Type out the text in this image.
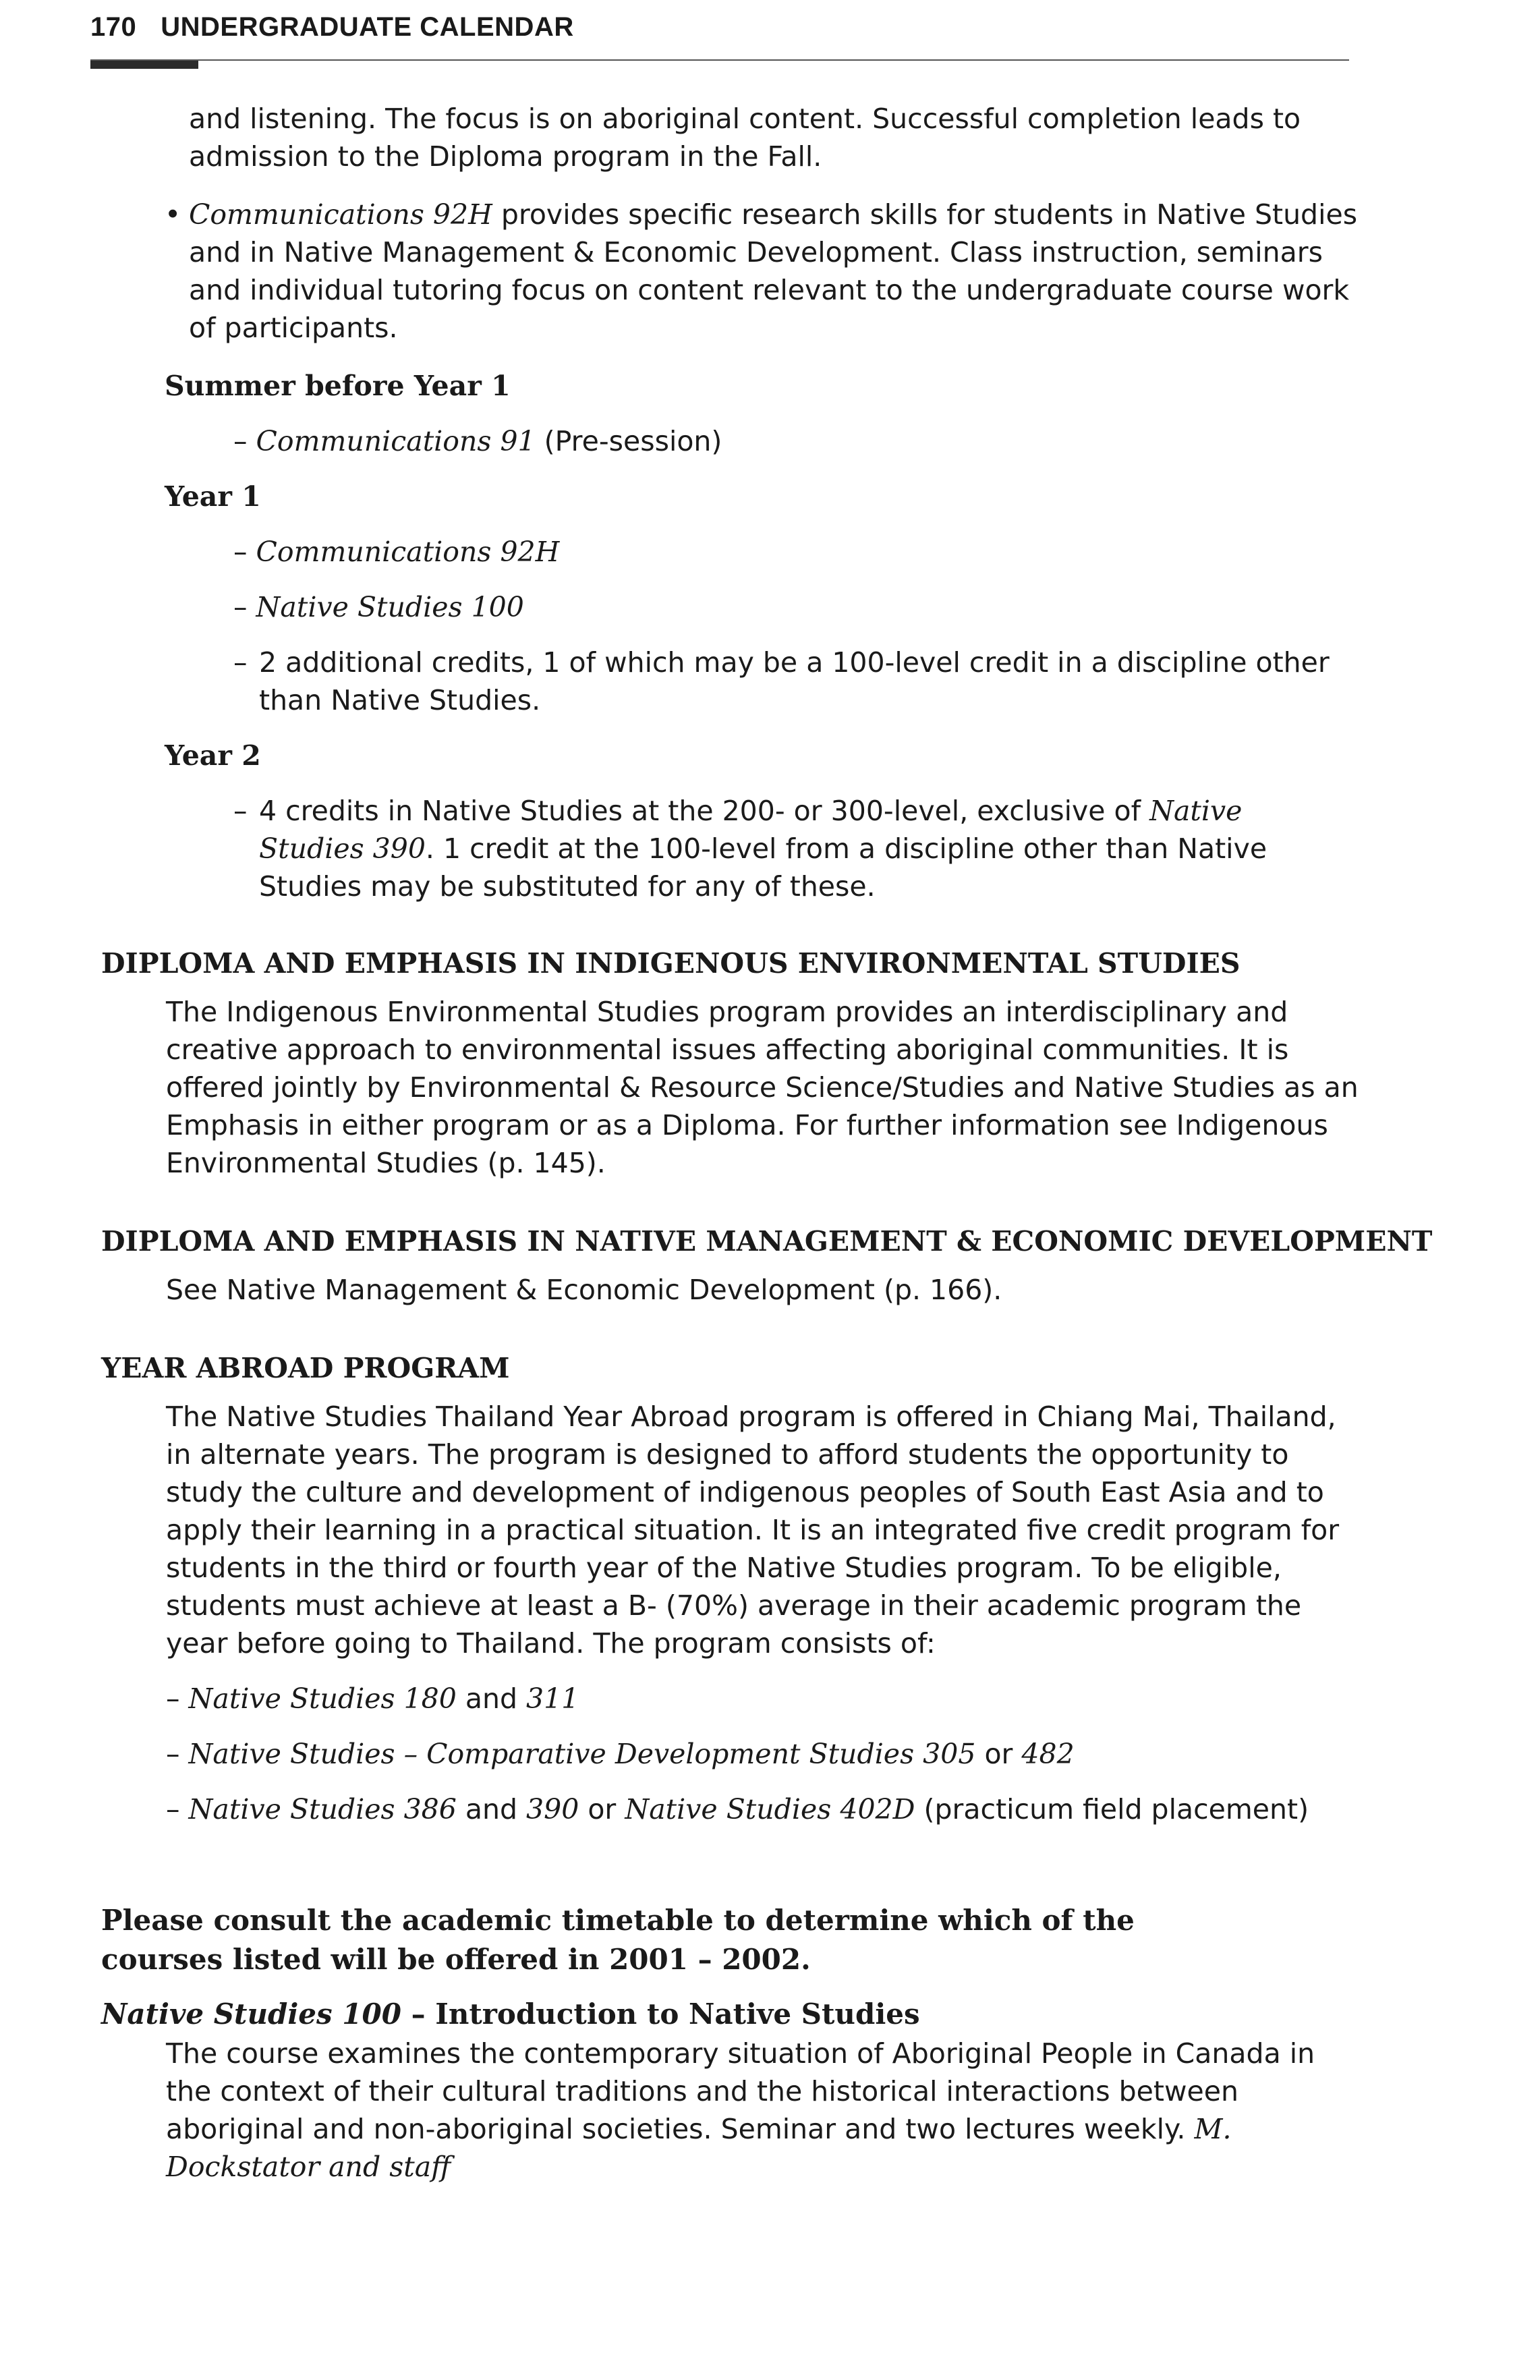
170 UNDERGRADUATE CALENDAR

and listening. The focus is on aboriginal content. Successful completion leads to admission to the Diploma program in the Fall.

• Communications 92H provides specific research skills for students in Native Studies and in Native Management & Economic Development. Class instruction, seminars and individual tutoring focus on content relevant to the undergraduate course work of participants.

Summer before Year 1

– Communications 91 (Pre-session)

Year 1

– Communications 92H

– Native Studies 100

– 2 additional credits, 1 of which may be a 100-level credit in a discipline other than Native Studies.

Year 2

– 4 credits in Native Studies at the 200- or 300-level, exclusive of Native Studies 390. 1 credit at the 100-level from a discipline other than Native Studies may be substituted for any of these.

DIPLOMA AND EMPHASIS IN INDIGENOUS ENVIRONMENTAL STUDIES

The Indigenous Environmental Studies program provides an interdisciplinary and creative approach to environmental issues affecting aboriginal communities. It is offered jointly by Environmental & Resource Science/Studies and Native Studies as an Emphasis in either program or as a Diploma. For further information see Indigenous Environmental Studies (p. 145).

DIPLOMA AND EMPHASIS IN NATIVE MANAGEMENT & ECONOMIC DEVELOPMENT

See Native Management & Economic Development (p. 166).

YEAR ABROAD PROGRAM

The Native Studies Thailand Year Abroad program is offered in Chiang Mai, Thailand, in alternate years. The program is designed to afford students the opportunity to study the culture and development of indigenous peoples of South East Asia and to apply their learning in a practical situation. It is an integrated five credit program for students in the third or fourth year of the Native Studies program. To be eligible, students must achieve at least a B- (70%) average in their academic program the year before going to Thailand. The program consists of:

– Native Studies 180 and 311

– Native Studies – Comparative Development Studies 305 or 482

– Native Studies 386 and 390 or Native Studies 402D (practicum field placement)

Please consult the academic timetable to determine which of the courses listed will be offered in 2001 – 2002.

Native Studies 100 – Introduction to Native Studies

The course examines the contemporary situation of Aboriginal People in Canada in the context of their cultural traditions and the historical interactions between aboriginal and non-aboriginal societies. Seminar and two lectures weekly. M. Dockstator and staff
